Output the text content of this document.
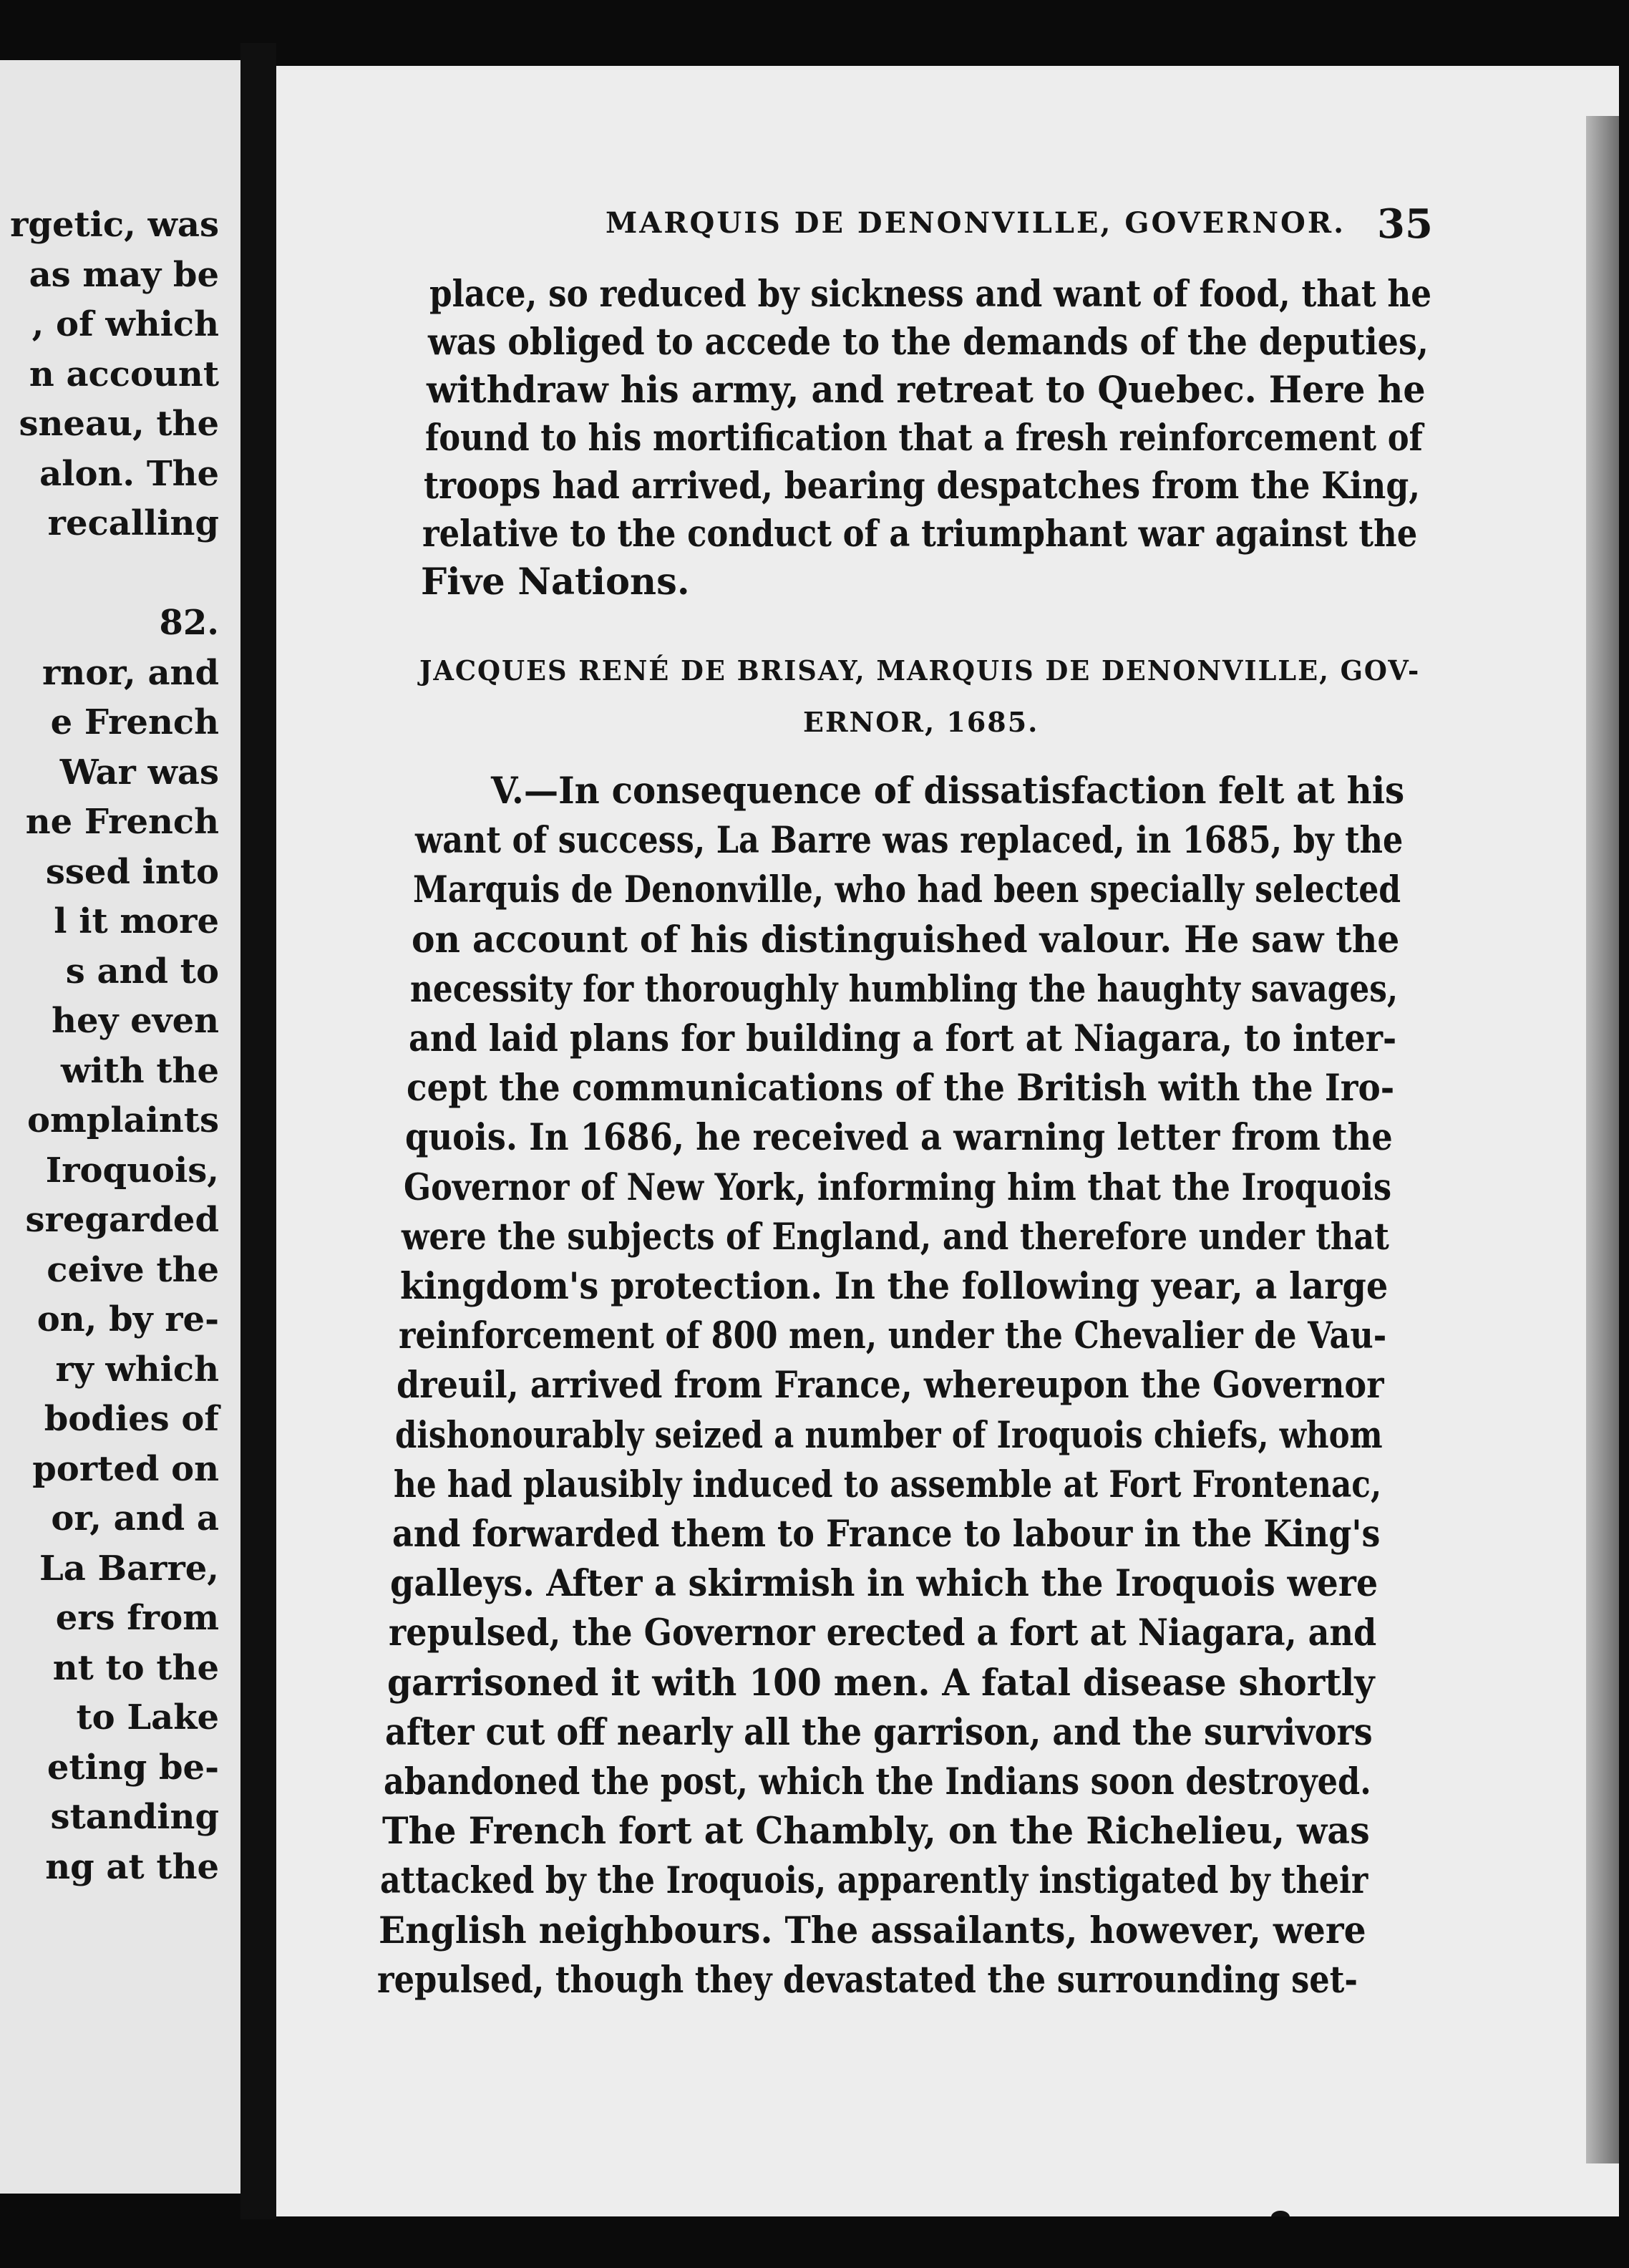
rgetic, was
as may be
, of which
n account
sneau, the
alon. The
recalling
82.
rnor, and
e French
War was
ne French
ssed into
l it more
s and to
hey even
with the
omplaints
Iroquois,
sregarded
ceive the
on, by re-
ry which
bodies of
ported on
or, and a
La Barre,
ers from
nt to the
to Lake
eting be-
standing
ng at the
MARQUIS DE DENONVILLE, GOVERNOR. 35
JACQUES RENÉ DE BRISAY, MARQUIS DE DENONVILLE, GOV-
ERNOR, 1685.
place, so reduced by sickness and want of food, that he
was obliged to accede to the demands of the deputies,
withdraw his army, and retreat to Quebec. Here he
found to his mortification that a fresh reinforcement of
troops had arrived, bearing despatches from the King,
relative to the conduct of a triumphant war against the
Five Nations.
V.—In consequence of dissatisfaction felt at his
want of success, La Barre was replaced, in 1685, by the
Marquis de Denonville, who had been specially selected
on account of his distinguished valour. He saw the
necessity for thoroughly humbling the haughty savages,
and laid plans for building a fort at Niagara, to inter-
cept the communications of the British with the Iro-
quois. In 1686, he received a warning letter from the
Governor of New York, informing him that the Iroquois
were the subjects of England, and therefore under that
kingdom's protection. In the following year, a large
reinforcement of 800 men, under the Chevalier de Vau-
dreuil, arrived from France, whereupon the Governor
dishonourably seized a number of Iroquois chiefs, whom
he had plausibly induced to assemble at Fort Frontenac,
and forwarded them to France to labour in the King's
galleys. After a skirmish in which the Iroquois were
repulsed, the Governor erected a fort at Niagara, and
garrisoned it with 100 men. A fatal disease shortly
after cut off nearly all the garrison, and the survivors
abandoned the post, which the Indians soon destroyed.
The French fort at Chambly, on the Richelieu, was
attacked by the Iroquois, apparently instigated by their
English neighbours. The assailants, however, were
repulsed, though they devastated the surrounding set-
